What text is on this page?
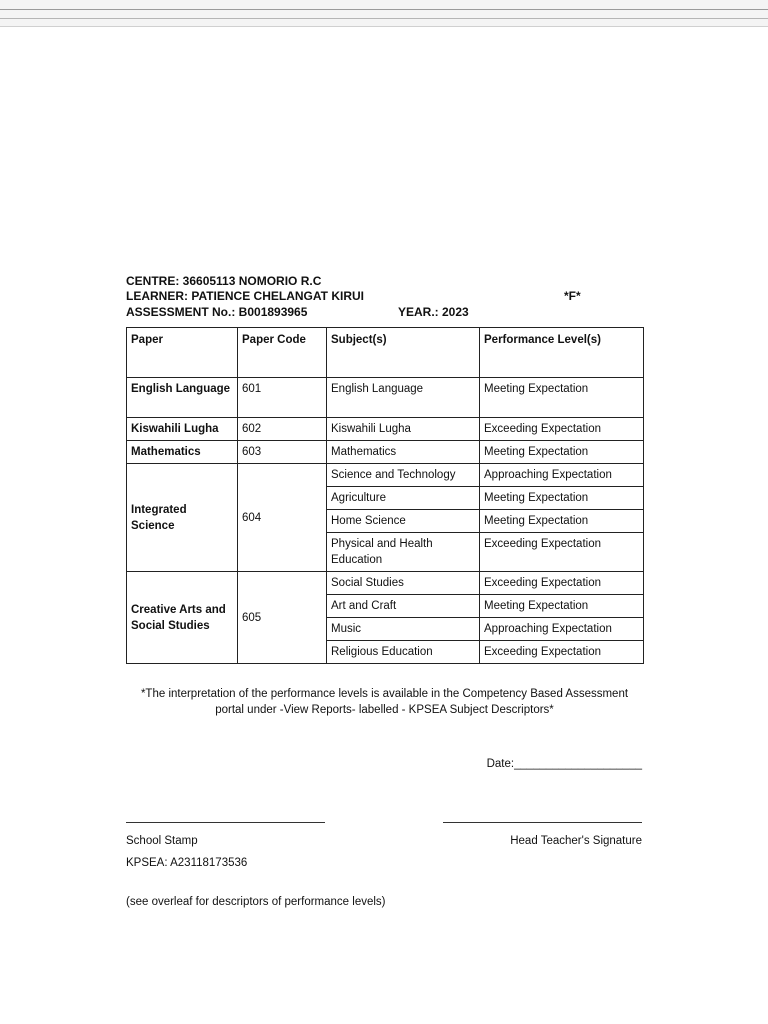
CENTRE: 36605113 NOMORIO R.C
LEARNER: PATIENCE CHELANGAT KIRUI	*F*
ASSESSMENT No.: B001893965	YEAR.: 2023
Paper	Paper Code	Subject(s)	Performance Level(s)
English Language	601	English Language	Meeting Expectation
Kiswahili Lugha	602	Kiswahili Lugha	Exceeding Expectation
Mathematics	603	Mathematics	Meeting Expectation
Integrated Science	604	Science and Technology	Approaching Expectation
		Agriculture	Meeting Expectation
		Home Science	Meeting Expectation
		Physical and Health Education	Exceeding Expectation
Creative Arts and Social Studies	605	Social Studies	Exceeding Expectation
		Art and Craft	Meeting Expectation
		Music	Approaching Expectation
		Religious Education	Exceeding Expectation
*The interpretation of the performance levels is available in the Competency Based Assessment portal under -View Reports- labelled - KPSEA Subject Descriptors*
Date:____________________
School Stamp	Head Teacher's Signature
KPSEA: A23118173536
(see overleaf for descriptors of performance levels)
